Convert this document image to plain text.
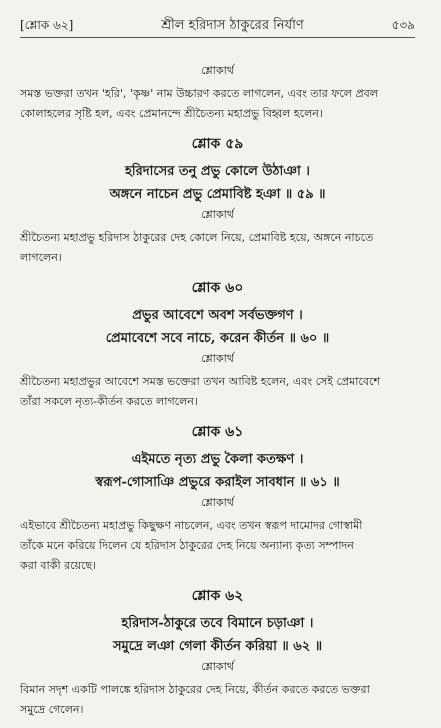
[শ্লোক ৬২]	শ্রীল হরিদাস ঠাকুরের নির্যাণ	৫৩৯
শ্লোকার্থ
সমস্ত ভক্তরা তখন 'হরি', 'কৃষ্ণ' নাম উচ্চারণ করতে লাগলেন, এবং তার ফলে প্রবল
কোলাহলের সৃষ্টি হল, এবং প্রেমানন্দে শ্রীচৈতন্য মহাপ্রভু বিহ্বল হলেন।
শ্লোক ৫৯
হরিদাসের তনু প্রভু কোলে উঠাঞা ।
অঙ্গনে নাচেন প্রভু প্রেমাবিষ্ট হঞা ॥ ৫৯ ॥
শ্লোকার্থ
শ্রীচৈতন্য মহাপ্রভু হরিদাস ঠাকুরের দেহ কোলে নিয়ে, প্রেমাবিষ্ট হয়ে, অঙ্গনে নাচতে
লাগলেন।
শ্লোক ৬০
প্রভুর আবেশে অবশ সর্বভক্তগণ ।
প্রেমাবেশে সবে নাচে, করেন কীর্তন ॥ ৬০ ॥
শ্লোকার্থ
শ্রীচৈতন্য মহাপ্রভুর আবেশে সমস্ত ভক্তেরা তখন আবিষ্ট হলেন, এবং সেই প্রেমাবেশে
তাঁরা সকলে নৃত্য-কীর্তন করতে লাগলেন।
শ্লোক ৬১
এইমতে নৃত্য প্রভু কৈলা কতক্ষণ ।
স্বরূপ-গোসাঞি প্রভুরে করাইল সাবধান ॥ ৬১ ॥
শ্লোকার্থ
এইভাবে শ্রীচৈতন্য মহাপ্রভু কিছুক্ষণ নাচলেন, এবং তখন স্বরূপ দামোদর গোস্বামী
তাঁকে মনে করিয়ে দিলেন যে হরিদাস ঠাকুরের দেহ নিয়ে অন্যান্য কৃত্য সম্পাদন
করা বাকী রয়েছে।
শ্লোক ৬২
হরিদাস-ঠাকুরে তবে বিমানে চড়াঞা ।
সমুদ্রে লঞা গেলা কীর্তন করিয়া ॥ ৬২ ॥
শ্লোকার্থ
বিমান সদৃশ একটি পালঙ্কে হরিদাস ঠাকুরের দেহ নিয়ে, কীর্তন করতে করতে ভক্তরা
সমুদ্রে গেলেন।
